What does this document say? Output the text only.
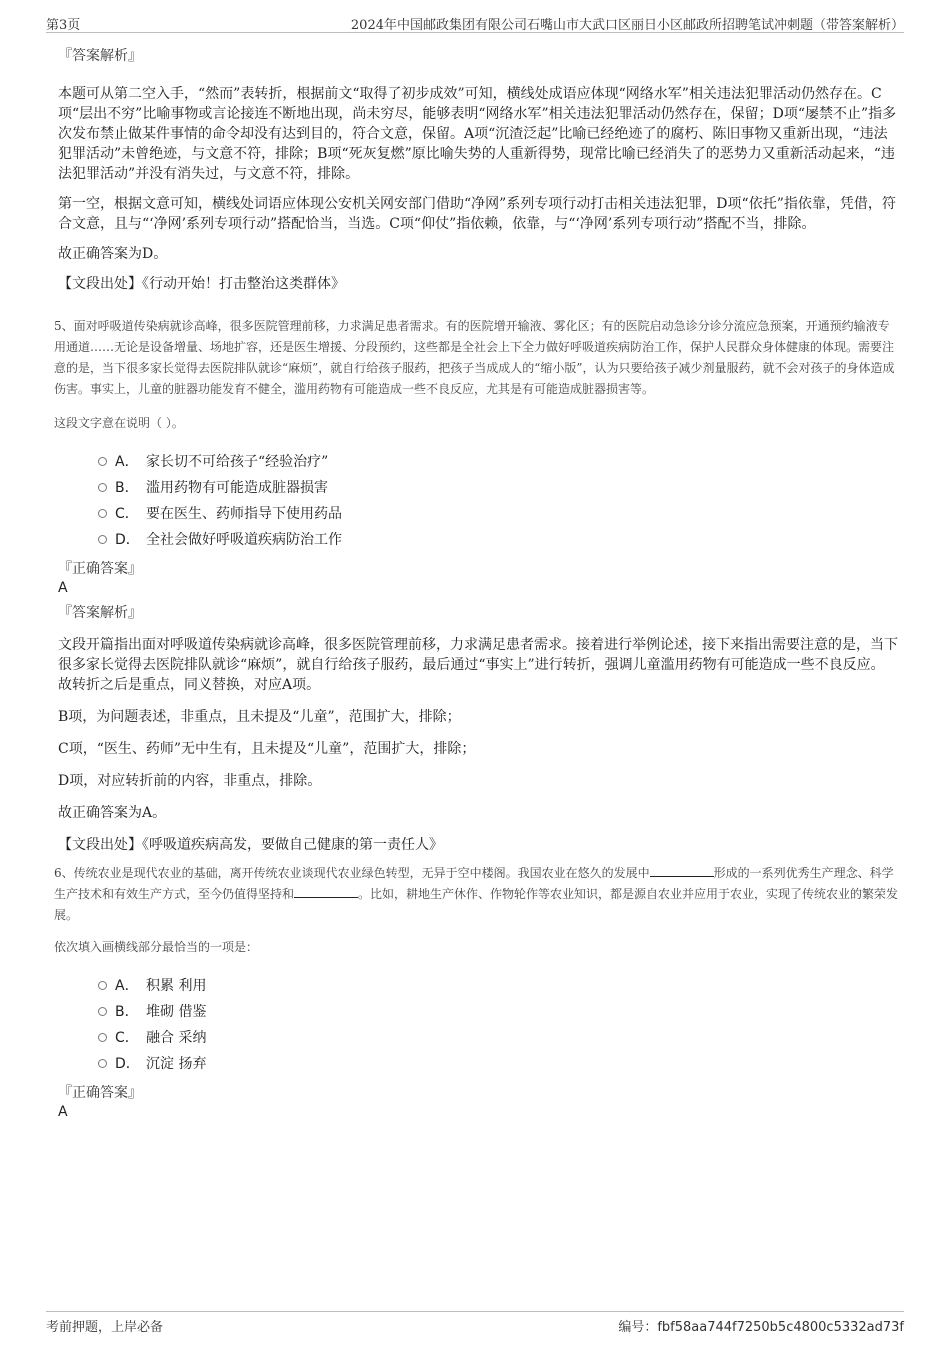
第3页	2024年中国邮政集团有限公司石嘴山市大武口区丽日小区邮政所招聘笔试冲刺题（带答案解析）

『答案解析』

本题可从第二空入手，“然而”表转折，根据前文“取得了初步成效”可知，横线处成语应体现“网络水军”相关违法犯罪活动仍然存在。C项“层出不穷”比喻事物或言论接连不断地出现，尚未穷尽，能够表明“网络水军”相关违法犯罪活动仍然存在，保留；D项“屡禁不止”指多次发布禁止做某件事情的命令却没有达到目的，符合文意，保留。A项“沉渣泛起”比喻已经绝迹了的腐朽、陈旧事物又重新出现，“违法犯罪活动”未曾绝迹，与文意不符，排除；B项“死灰复燃”原比喻失势的人重新得势，现常比喻已经消失了的恶势力又重新活动起来，“违法犯罪活动”并没有消失过，与文意不符，排除。

第一空，根据文意可知，横线处词语应体现公安机关网安部门借助“净网”系列专项行动打击相关违法犯罪，D项“依托”指依靠，凭借，符合文意，且与“‘净网’系列专项行动”搭配恰当，当选。C项“仰仗”指依赖，依靠，与“‘净网’系列专项行动”搭配不当，排除。

故正确答案为D。

【文段出处】《行动开始！打击整治这类群体》

5、面对呼吸道传染病就诊高峰，很多医院管理前移，力求满足患者需求。有的医院增开输液、雾化区；有的医院启动急诊分诊分流应急预案，开通预约输液专用通道……无论是设备增量、场地扩容，还是医生增援、分段预约，这些都是全社会上下全力做好呼吸道疾病防治工作，保护人民群众身体健康的体现。需要注意的是，当下很多家长觉得去医院排队就诊“麻烦”，就自行给孩子服药，把孩子当成成人的“缩小版”，认为只要给孩子减少剂量服药，就不会对孩子的身体造成伤害。事实上，儿童的脏器功能发育不健全，滥用药物有可能造成一些不良反应，尤其是有可能造成脏器损害等。

这段文字意在说明（ ）。

A． 家长切不可给孩子“经验治疗”
B． 滥用药物有可能造成脏器损害
C． 要在医生、药师指导下使用药品
D． 全社会做好呼吸道疾病防治工作

『正确答案』

A

『答案解析』

文段开篇指出面对呼吸道传染病就诊高峰，很多医院管理前移，力求满足患者需求。接着进行举例论述，接下来指出需要注意的是，当下很多家长觉得去医院排队就诊“麻烦”，就自行给孩子服药，最后通过“事实上”进行转折，强调儿童滥用药物有可能造成一些不良反应。故转折之后是重点，同义替换，对应A项。

B项，为问题表述，非重点，且未提及“儿童”，范围扩大，排除；

C项，“医生、药师”无中生有，且未提及“儿童”，范围扩大，排除；

D项，对应转折前的内容，非重点，排除。

故正确答案为A。

【文段出处】《呼吸道疾病高发，要做自己健康的第一责任人》

6、传统农业是现代农业的基础，离开传统农业谈现代农业绿色转型，无异于空中楼阁。我国农业在悠久的发展中	形成的一系列优秀生产理念、科学生产技术和有效生产方式，至今仍值得坚持和	。比如，耕地生产休作、作物轮作等农业知识，都是源自农业并应用于农业，实现了传统农业的繁荣发展。

依次填入画横线部分最恰当的一项是：

A． 积累 利用
B． 堆砌 借鉴
C． 融合 采纳
D． 沉淀 扬弃

『正确答案』

A

考前押题，上岸必备	编号：fbf58aa744f7250b5c4800c5332ad73f
